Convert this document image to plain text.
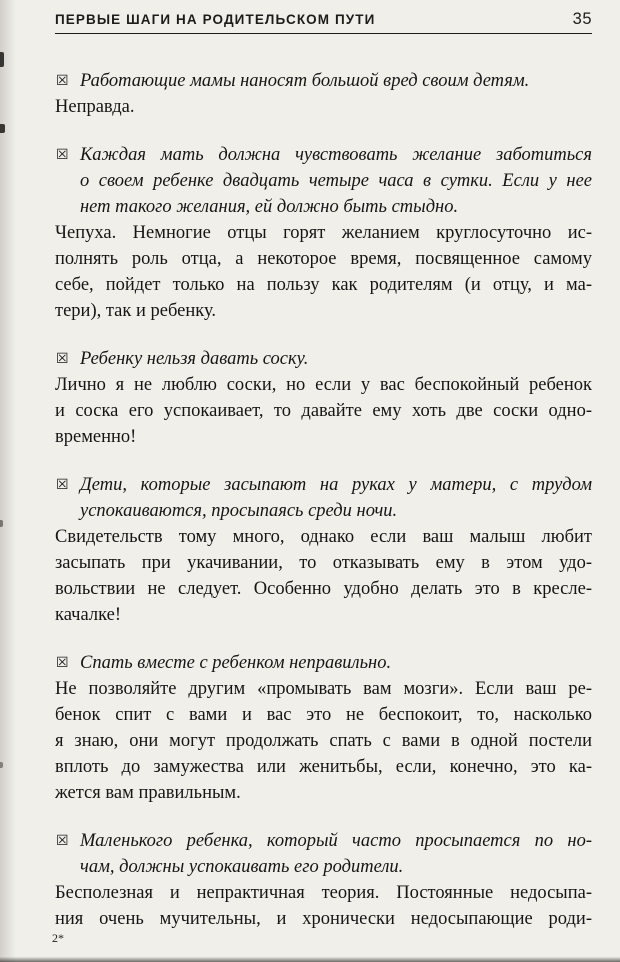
ПЕРВЫЕ ШАГИ НА РОДИТЕЛЬСКОМ ПУТИ	35
☒ Работающие мамы наносят большой вред своим детям.
Неправда.
☒ Каждая мать должна чувствовать желание заботиться
о своем ребенке двадцать четыре часа в сутки. Если у нее
нет такого желания, ей должно быть стыдно.
Чепуха. Немногие отцы горят желанием круглосуточно ис-
полнять роль отца, а некоторое время, посвященное самому
себе, пойдет только на пользу как родителям (и отцу, и ма-
тери), так и ребенку.
☒ Ребенку нельзя давать соску.
Лично я не люблю соски, но если у вас беспокойный ребенок
и соска его успокаивает, то давайте ему хоть две соски одно-
временно!
☒ Дети, которые засыпают на руках у матери, с трудом
успокаиваются, просыпаясь среди ночи.
Свидетельств тому много, однако если ваш малыш любит
засыпать при укачивании, то отказывать ему в этом удо-
вольствии не следует. Особенно удобно делать это в кресле-
качалке!
☒ Спать вместе с ребенком неправильно.
Не позволяйте другим «промывать вам мозги». Если ваш ре-
бенок спит с вами и вас это не беспокоит, то, насколько
я знаю, они могут продолжать спать с вами в одной постели
вплоть до замужества или женитьбы, если, конечно, это ка-
жется вам правильным.
☒ Маленького ребенка, который часто просыпается по но-
чам, должны успокаивать его родители.
Бесполезная и непрактичная теория. Постоянные недосыпа-
ния очень мучительны, и хронически недосыпающие роди-
2*
